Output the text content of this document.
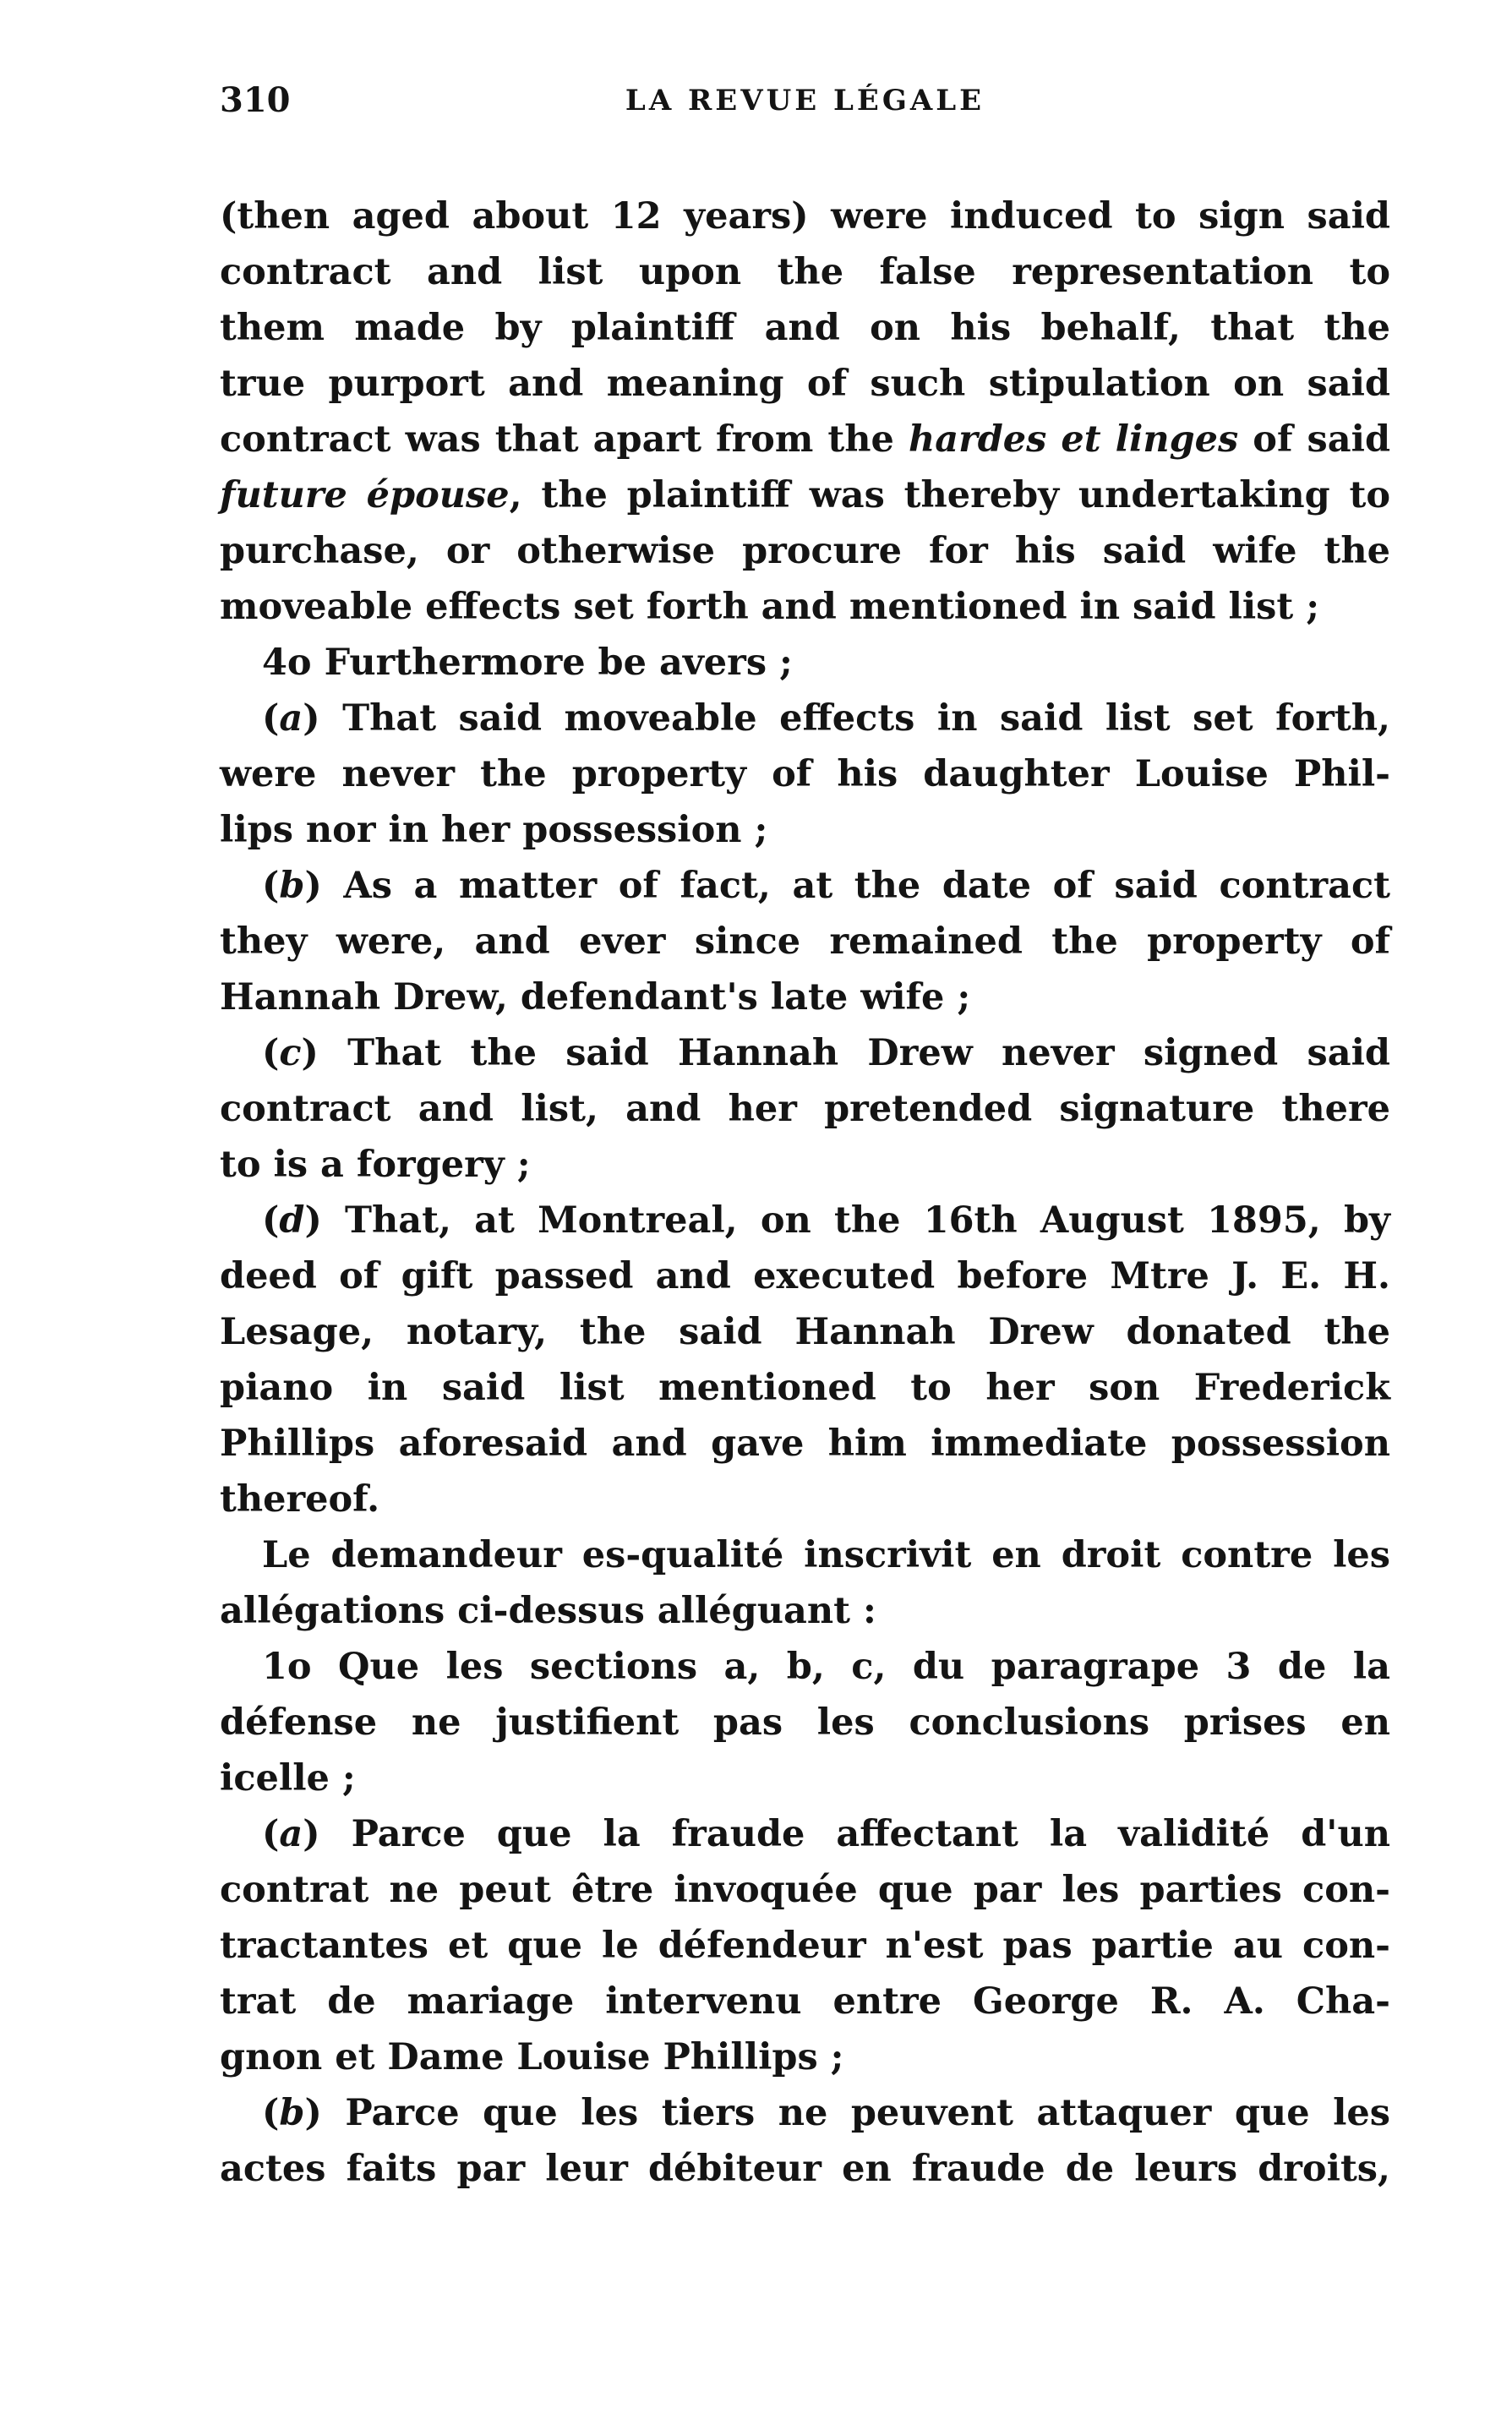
310	LA REVUE LÉGALE
(then aged about 12 years) were induced to sign said
contract and list upon the false representation to
them made by plaintiff and on his behalf, that the
true purport and meaning of such stipulation on said
contract was that apart from the hardes et linges of said
future épouse, the plaintiff was thereby undertaking to
purchase, or otherwise procure for his said wife the
moveable effects set forth and mentioned in said list ;
4o Furthermore be avers ;
(a) That said moveable effects in said list set forth,
were never the property of his daughter Louise Phil-
lips nor in her possession ;
(b) As a matter of fact, at the date of said contract
they were, and ever since remained the property of
Hannah Drew, defendant's late wife ;
(c) That the said Hannah Drew never signed said
contract and list, and her pretended signature there
to is a forgery ;
(d) That, at Montreal, on the 16th August 1895, by
deed of gift passed and executed before Mtre J. E. H.
Lesage, notary, the said Hannah Drew donated the
piano in said list mentioned to her son Frederick
Phillips aforesaid and gave him immediate possession
thereof.
Le demandeur es-qualité inscrivit en droit contre les
allégations ci-dessus alléguant :
1o Que les sections a, b, c, du paragrape 3 de la
défense ne justifient pas les conclusions prises en
icelle ;
(a) Parce que la fraude affectant la validité d'un
contrat ne peut être invoquée que par les parties con-
tractantes et que le défendeur n'est pas partie au con-
trat de mariage intervenu entre George R. A. Cha-
gnon et Dame Louise Phillips ;
(b) Parce que les tiers ne peuvent attaquer que les
actes faits par leur débiteur en fraude de leurs droits,
